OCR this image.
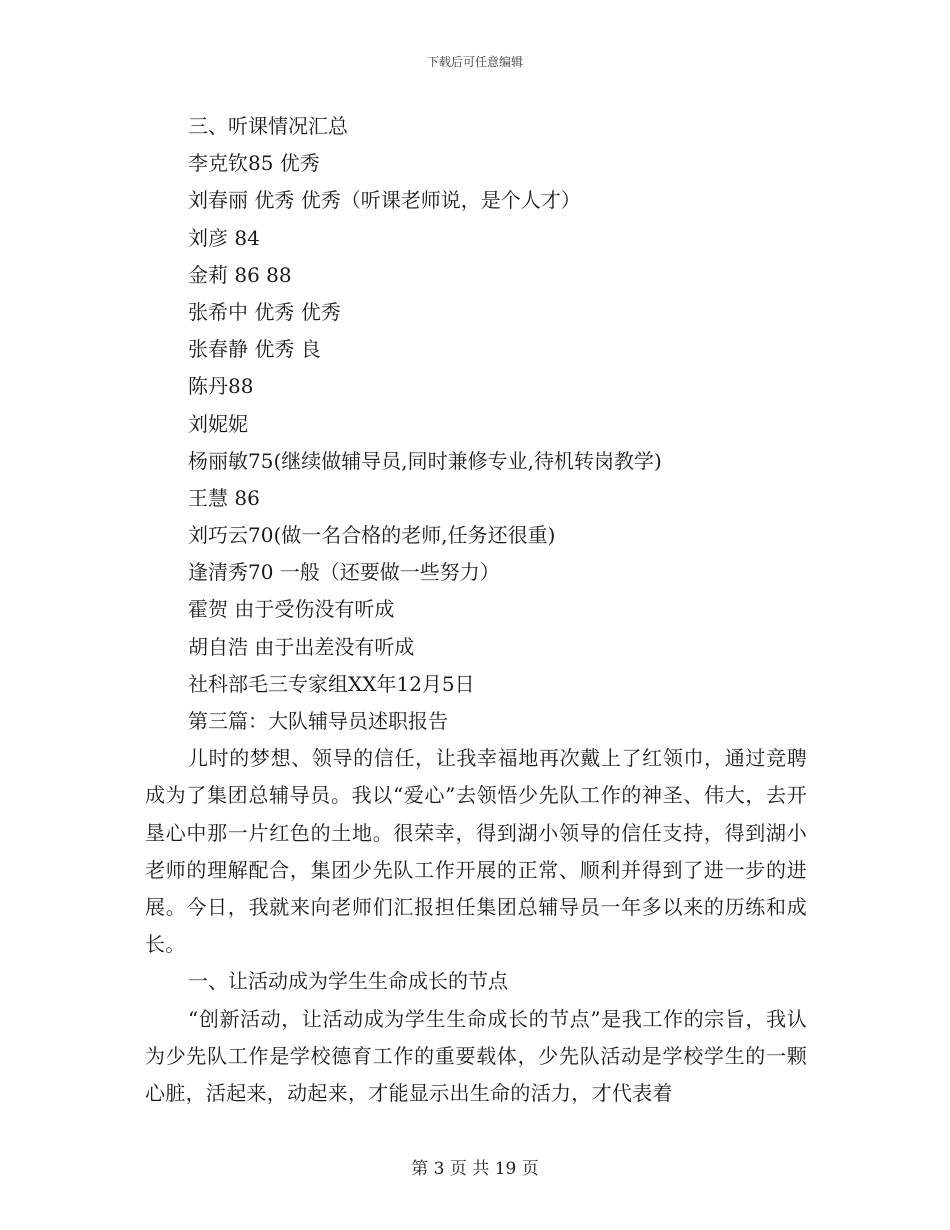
下载后可任意编辑
三、听课情况汇总
李克钦85 优秀
刘春丽 优秀 优秀（听课老师说，是个人才）
刘彦 84
金莉 86 88
张希中 优秀 优秀
张春静 优秀 良
陈丹88
刘妮妮
杨丽敏75(继续做辅导员,同时兼修专业,待机转岗教学)
王慧 86
刘巧云70(做一名合格的老师,任务还很重)
逢清秀70 一般（还要做一些努力）
霍贺 由于受伤没有听成
胡自浩 由于出差没有听成
社科部毛三专家组XX年12月5日
第三篇：大队辅导员述职报告
儿时的梦想、领导的信任，让我幸福地再次戴上了红领巾，通过竞聘成为了集团总辅导员。我以“爱心”去领悟少先队工作的神圣、伟大，去开垦心中那一片红色的土地。很荣幸，得到湖小领导的信任支持，得到湖小老师的理解配合，集团少先队工作开展的正常、顺利并得到了进一步的进展。今日，我就来向老师们汇报担任集团总辅导员一年多以来的历练和成长。
一、让活动成为学生生命成长的节点
“创新活动，让活动成为学生生命成长的节点”是我工作的宗旨，我认为少先队工作是学校德育工作的重要载体，少先队活动是学校学生的一颗心脏，活起来，动起来，才能显示出生命的活力，才代表着
第 3 页 共 19 页
